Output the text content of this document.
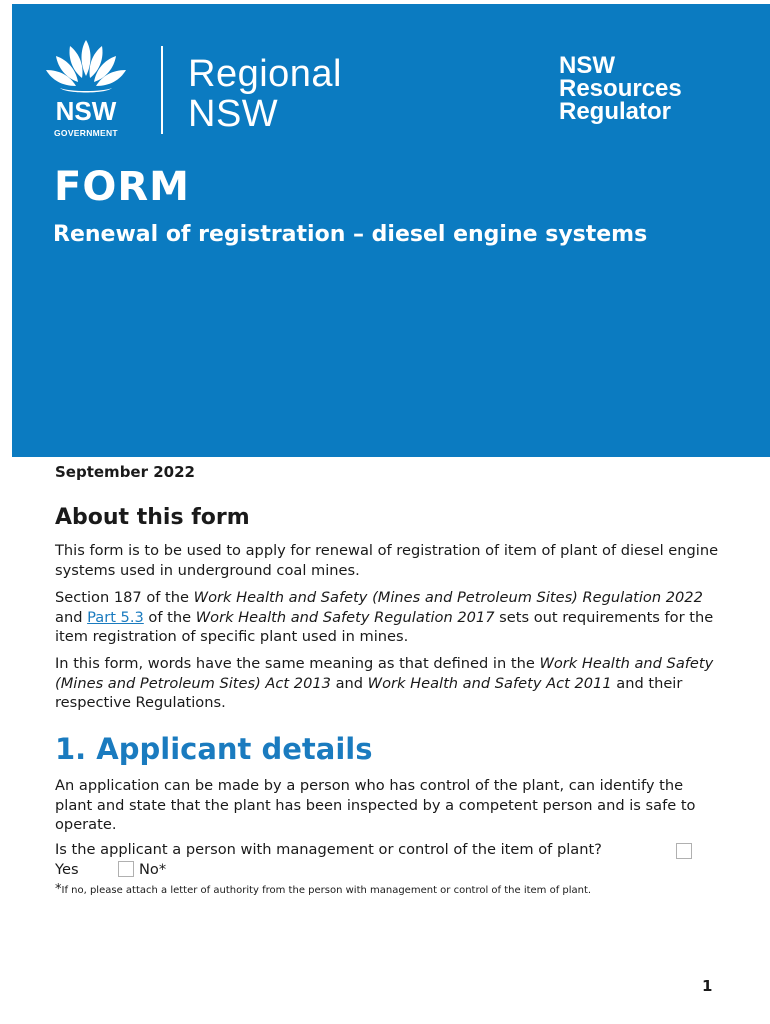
NSW
GOVERNMENT
Regional
NSW
NSW
Resources
Regulator
FORM
Renewal of registration – diesel engine systems
September 2022
About this form
This form is to be used to apply for renewal of registration of item of plant of diesel engine systems used in underground coal mines.
Section 187 of the Work Health and Safety (Mines and Petroleum Sites) Regulation 2022 and Part 5.3 of the Work Health and Safety Regulation 2017 sets out requirements for the item registration of specific plant used in mines.
In this form, words have the same meaning as that defined in the Work Health and Safety (Mines and Petroleum Sites) Act 2013 and Work Health and Safety Act 2011 and their respective Regulations.
1. Applicant details
An application can be made by a person who has control of the plant, can identify the plant and state that the plant has been inspected by a competent person and is safe to operate.
Is the applicant a person with management or control of the item of plant?
Yes	No*
*If no, please attach a letter of authority from the person with management or control of the item of plant.
1
